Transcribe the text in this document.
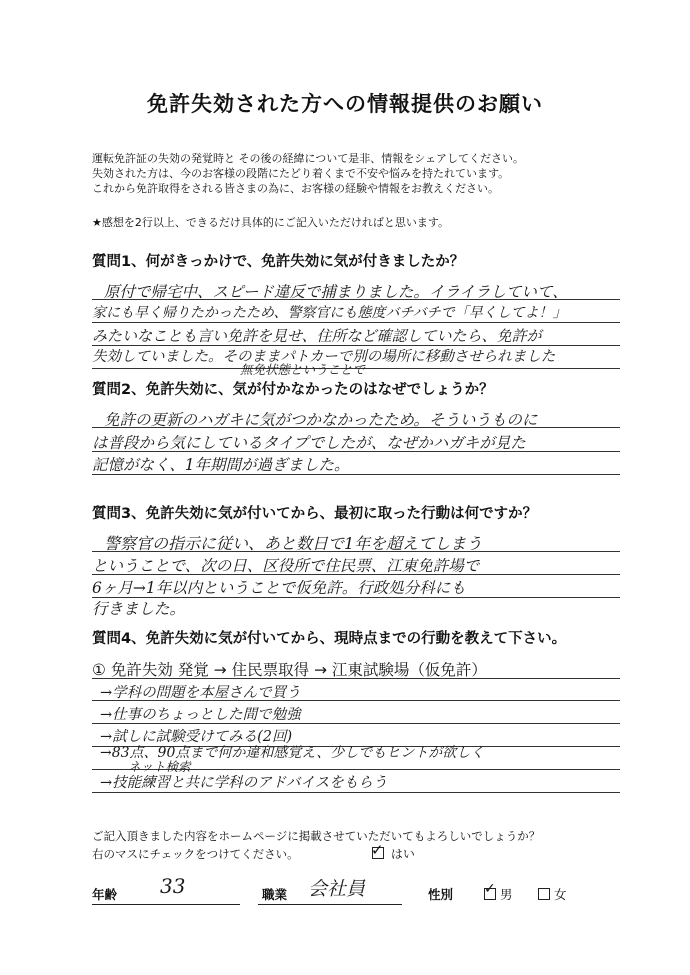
免許失効された方への情報提供のお願い
運転免許証の失効の発覚時と その後の経緯について是非、情報をシェアしてください。
失効された方は、今のお客様の段階にたどり着くまで不安や悩みを持たれています。
これから免許取得をされる皆さまの為に、お客様の経験や情報をお教えください。
★感想を2行以上、できるだけ具体的にご記入いただければと思います。
質問1、何がきっかけで、免許失効に気が付きましたか？
原付で帰宅中、スピード違反で捕まりました。イライラしていて、
家にも早く帰りたかったため、警察官にも態度バチバチで「早くしてよ！」
みたいなことも言い免許を見せ、住所など確認していたら、免許が
失効していました。そのままパトカーで別の場所に移動させられました
無免状態ということで
質問2、免許失効に、気が付かなかったのはなぜでしょうか？
免許の更新のハガキに気がつかなかったため。そういうものに
は普段から気にしているタイプでしたが、なぜかハガキが見た
記憶がなく、1年期間が過ぎました。
質問3、免許失効に気が付いてから、最初に取った行動は何ですか？
警察官の指示に従い、あと数日で1年を超えてしまう
ということで、次の日、区役所で住民票、江東免許場で
6ヶ月→1年以内ということで仮免許。行政処分科にも
行きました。
質問4、免許失効に気が付いてから、現時点までの行動を教えて下さい。
① 免許失効 発覚 → 住民票取得 → 江東試験場（仮免許）
→学科の問題を本屋さんで買う
→仕事のちょっとした間で勉強
→試しに試験受けてみる(2回)
→83点、90点まで何か違和感覚え、少しでもヒントが欲しく
ネット検索
→技能練習と共に学科のアドバイスをもらう
ご記入頂きました内容をホームページに掲載させていただいてもよろしいでしょうか？
右のマスにチェックをつけてください。
	✓ はい
年齢 33	職業 会社員	性別
✓ 男	女
